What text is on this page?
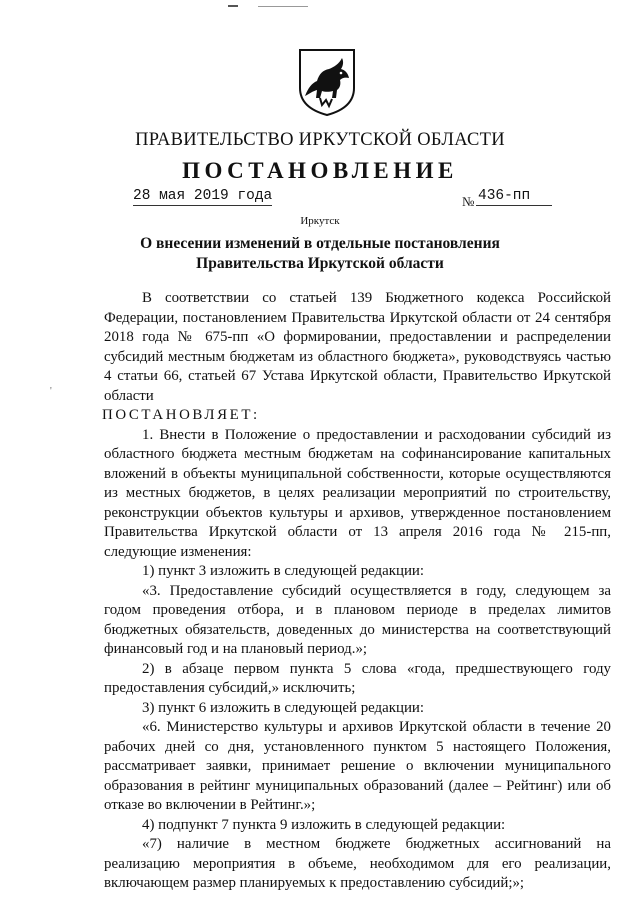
ПРАВИТЕЛЬСТВО ИРКУТСКОЙ ОБЛАСТИ
ПОСТАНОВЛЕНИЕ
28 мая 2019 года	№ 436-пп
Иркутск
О внесении изменений в отдельные постановления Правительства Иркутской области
'

В соответствии со статьей 139 Бюджетного кодекса Российской Федерации, постановлением Правительства Иркутской области от 24 сентября 2018 года № 675-пп «О формировании, предоставлении и распределении субсидий местным бюджетам из областного бюджета», руководствуясь частью 4 статьи 66, статьей 67 Устава Иркутской области, Правительство Иркутской области

ПОСТАНОВЛЯЕТ:

1. Внести в Положение о предоставлении и расходовании субсидий из областного бюджета местным бюджетам на софинансирование капитальных вложений в объекты муниципальной собственности, которые осуществляются из местных бюджетов, в целях реализации мероприятий по строительству, реконструкции объектов культуры и архивов, утвержденное постановлением Правительства Иркутской области от 13 апреля 2016 года № 215-пп, следующие изменения:

1) пункт 3 изложить в следующей редакции:

«3. Предоставление субсидий осуществляется в году, следующем за годом проведения отбора, и в плановом периоде в пределах лимитов бюджетных обязательств, доведенных до министерства на соответствующий финансовый год и на плановый период.»;

2) в абзаце первом пункта 5 слова «года, предшествующего году предоставления субсидий,» исключить;

3) пункт 6 изложить в следующей редакции:

«6. Министерство культуры и архивов Иркутской области в течение 20 рабочих дней со дня, установленного пунктом 5 настоящего Положения, рассматривает заявки, принимает решение о включении муниципального образования в рейтинг муниципальных образований (далее – Рейтинг) или об отказе во включении в Рейтинг.»;

4) подпункт 7 пункта 9 изложить в следующей редакции:

«7) наличие в местном бюджете бюджетных ассигнований на реализацию мероприятия в объеме, необходимом для его реализации, включающем размер планируемых к предоставлению субсидий;»;
